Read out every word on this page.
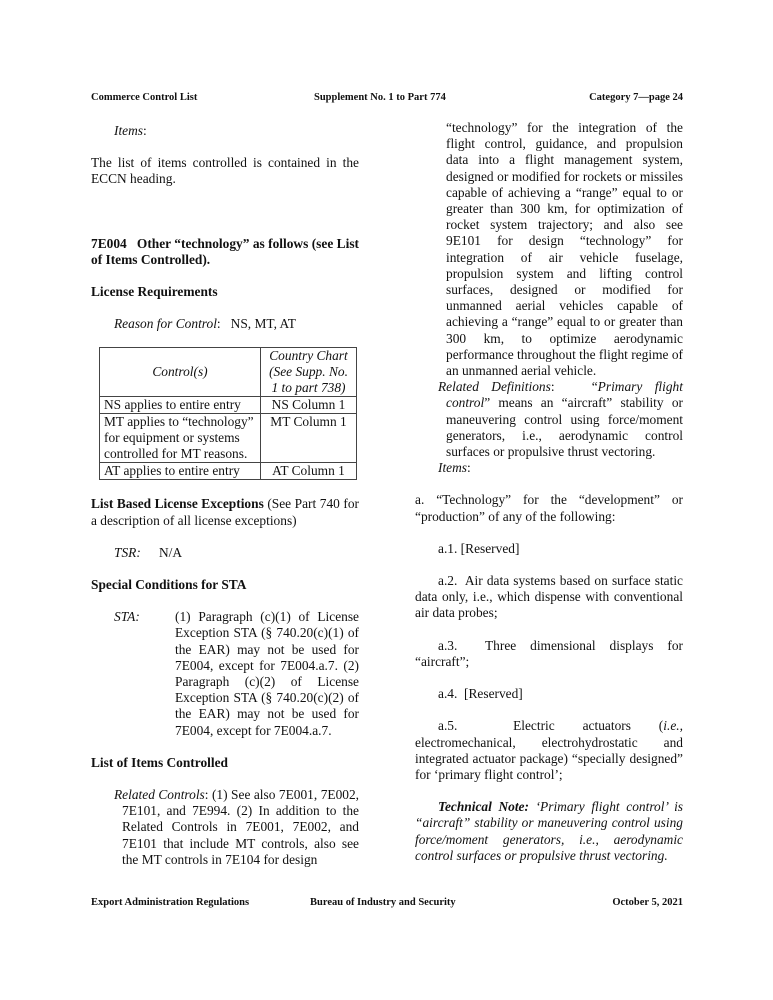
Commerce Control List	Supplement No. 1 to Part 774	Category 7—page 24

Items:

The list of items controlled is contained in the ECCN heading.

7E004   Other “technology” as follows (see List of Items Controlled).

License Requirements

Reason for Control:   NS, MT, AT

Control(s)	Country Chart (See Supp. No. 1 to part 738)
NS applies to entire entry	NS Column 1
MT applies to “technology” for equipment or systems controlled for MT reasons.	MT Column 1
AT applies to entire entry	AT Column 1

List Based License Exceptions (See Part 740 for a description of all license exceptions)

TSR: N/A

Special Conditions for STA

STA:	(1) Paragraph (c)(1) of License Exception STA (§ 740.20(c)(1) of the EAR) may not be used for 7E004, except for 7E004.a.7. (2) Paragraph (c)(2) of License Exception STA (§ 740.20(c)(2) of the EAR) may not be used for 7E004, except for 7E004.a.7.

List of Items Controlled

Related Controls: (1) See also 7E001, 7E002, 7E101, and 7E994. (2) In addition to the Related Controls in 7E001, 7E002, and 7E101 that include MT controls, also see the MT controls in 7E104 for design

“technology” for the integration of the flight control, guidance, and propulsion data into a flight management system, designed or modified for rockets or missiles capable of achieving a “range” equal to or greater than 300 km, for optimization of rocket system trajectory; and also see 9E101 for design “technology” for integration of air vehicle fuselage, propulsion system and lifting control surfaces, designed or modified for unmanned aerial vehicles capable of achieving a “range” equal to or greater than 300 km, to optimize aerodynamic performance throughout the flight regime of an unmanned aerial vehicle.

Related Definitions:   “Primary flight control” means an “aircraft” stability or maneuvering control using force/moment generators, i.e., aerodynamic control surfaces or propulsive thrust vectoring.

Items:

a. “Technology” for the “development” or “production” of any of the following:

a.1. [Reserved]

a.2.  Air data systems based on surface static data only, i.e., which dispense with conventional air data probes;

a.3.  Three dimensional displays for “aircraft”;

a.4.  [Reserved]

a.5.  Electric actuators (i.e., electromechanical, electrohydrostatic and integrated actuator package) “specially designed” for ‘primary flight control’;

Technical Note: ‘Primary flight control’ is “aircraft” stability or maneuvering control using force/moment generators, i.e., aerodynamic control surfaces or propulsive thrust vectoring.

Export Administration Regulations	Bureau of Industry and Security	October 5, 2021
